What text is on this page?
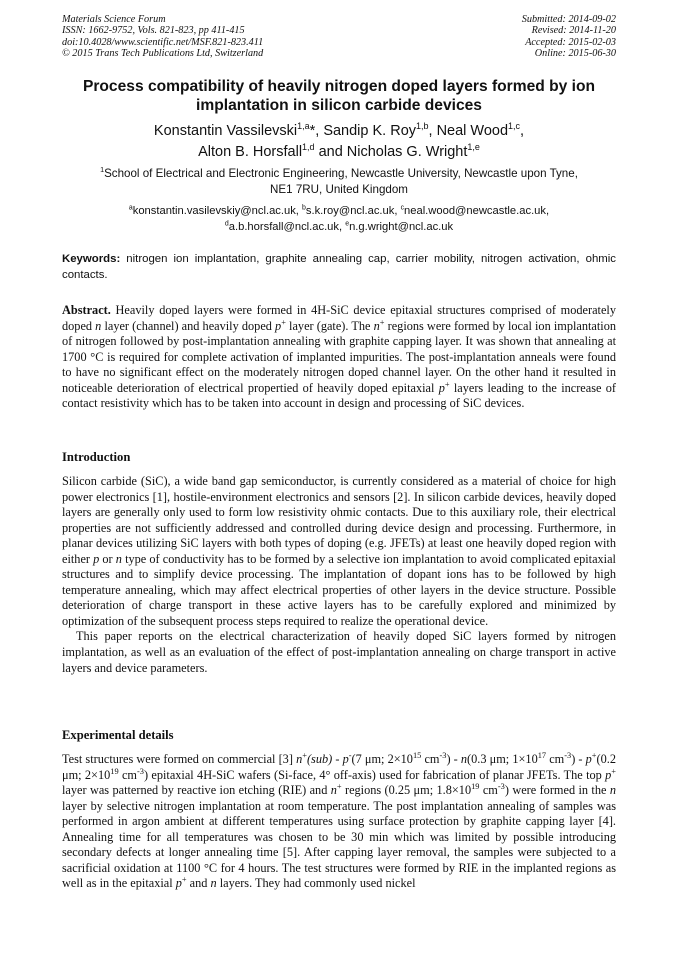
Materials Science Forum
ISSN: 1662-9752, Vols. 821-823, pp 411-415
doi:10.4028/www.scientific.net/MSF.821-823.411
© 2015 Trans Tech Publications Ltd, Switzerland
Submitted: 2014-09-02
Revised: 2014-11-20
Accepted: 2015-02-03
Online: 2015-06-30
Process compatibility of heavily nitrogen doped layers formed by ion implantation in silicon carbide devices
Konstantin Vassilevski$^{1,a}$*, Sandip K. Roy$^{1,b}$, Neal Wood$^{1,c}$,
Alton B. Horsfall$^{1,d}$ and Nicholas G. Wright$^{1,e}$
$^1$School of Electrical and Electronic Engineering, Newcastle University, Newcastle upon Tyne,
NE1 7RU, United Kingdom
$^a$konstantin.vasilevskiy@ncl.ac.uk, $^b$s.k.roy@ncl.ac.uk, $^c$neal.wood@newcastle.ac.uk,
$^d$a.b.horsfall@ncl.ac.uk, $^e$n.g.wright@ncl.ac.uk
Keywords: nitrogen ion implantation, graphite annealing cap, carrier mobility, nitrogen activation, ohmic contacts.
Abstract. Heavily doped layers were formed in 4H-SiC device epitaxial structures comprised of moderately doped n layer (channel) and heavily doped p+ layer (gate). The n+ regions were formed by local ion implantation of nitrogen followed by post-implantation annealing with graphite capping layer. It was shown that annealing at 1700 °C is required for complete activation of implanted impurities. The post-implantation anneals were found to have no significant effect on the moderately nitrogen doped channel layer. On the other hand it resulted in noticeable deterioration of electrical propertied of heavily doped epitaxial p+ layers leading to the increase of contact resistivity which has to be taken into account in design and processing of SiC devices.
Introduction

Silicon carbide (SiC), a wide band gap semiconductor, is currently considered as a material of choice for high power electronics [1], hostile-environment electronics and sensors [2]. In silicon carbide devices, heavily doped layers are generally only used to form low resistivity ohmic contacts. Due to this auxiliary role, their electrical properties are not sufficiently addressed and controlled during device design and processing. Furthermore, in planar devices utilizing SiC layers with both types of doping (e.g. JFETs) at least one heavily doped region with either p or n type of conductivity has to be formed by a selective ion implantation to avoid complicated epitaxial structures and to simplify device processing. The implantation of dopant ions has to be followed by high temperature annealing, which may affect electrical properties of other layers in the device structure. Possible deterioration of charge transport in these active layers has to be carefully explored and minimized by optimization of the subsequent process steps required to realize the operational device.

This paper reports on the electrical characterization of heavily doped SiC layers formed by nitrogen implantation, as well as an evaluation of the effect of post-implantation annealing on charge transport in active layers and device parameters.

Experimental details

Test structures were formed on commercial [3] n+(sub) - p-(7 μm; $2\times 10^{15}$ $cm^{-3}) - n(0.3$ μm; $1\times 10^{17}$ $cm^{-3}) - p^+(0.2$ μm; $2\times 10^{19}$ $cm^{-3}$) epitaxial 4H-SiC wafers (Si-face, 4° off-axis) used for fabrication of planar JFETs. The top p+ layer was patterned by reactive ion etching (RIE) and n+ regions (0.25 μm; $1.8\times 10^{19}$ $cm^{-3}$) were formed in the n layer by selective nitrogen implantation at room temperature. The post implantation annealing of samples was performed in argon ambient at different temperatures using surface protection by graphite capping layer [4]. Annealing time for all temperatures was chosen to be 30 min which was limited by possible introducing secondary defects at longer annealing time [5]. After capping layer removal, the samples were subjected to a sacrificial oxidation at 1100 °C for 4 hours. The test structures were formed by RIE in the implanted regions as well as in the epitaxial p+ and n layers. They had commonly used nickel
